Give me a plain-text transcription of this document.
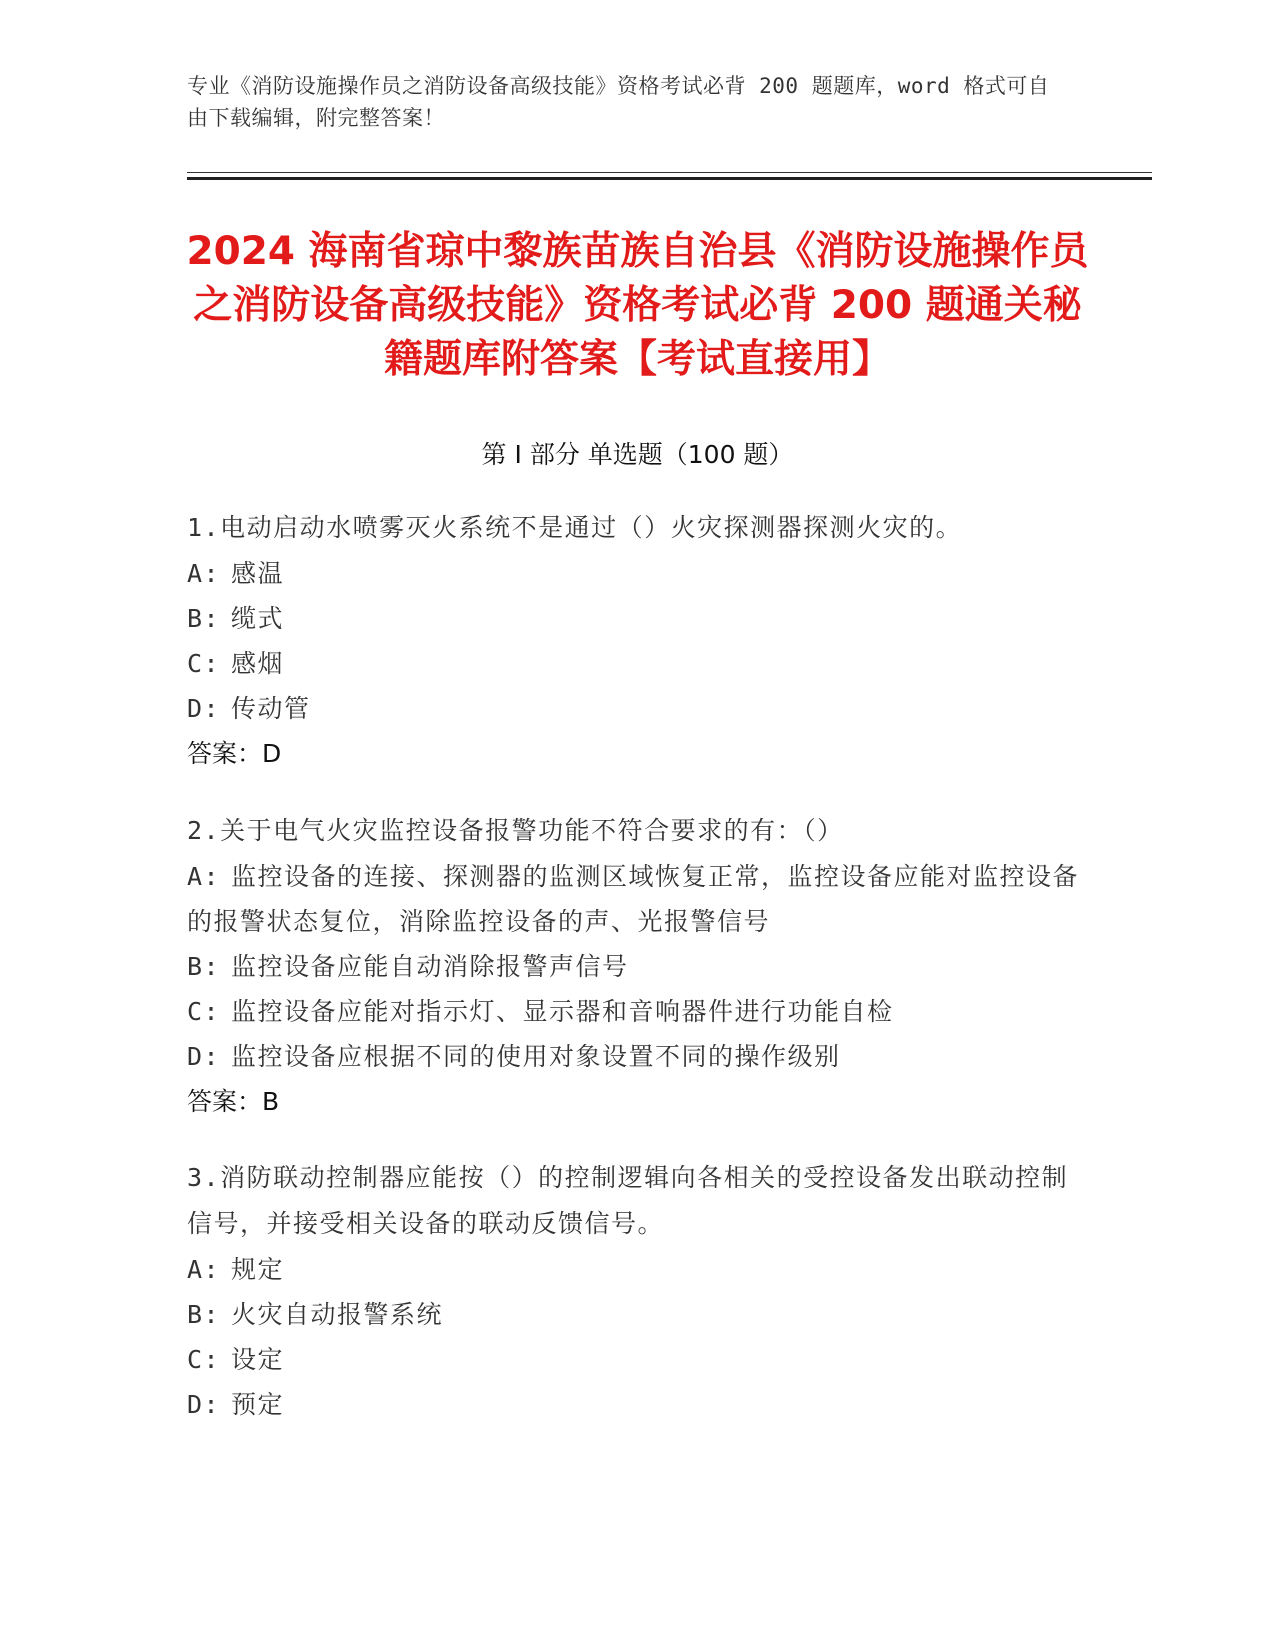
专业《消防设施操作员之消防设备高级技能》资格考试必背 200 题题库，word 格式可自由下载编辑，附完整答案！
2024 海南省琼中黎族苗族自治县《消防设施操作员之消防设备高级技能》资格考试必背 200 题通关秘籍题库附答案【考试直接用】
第 I 部分 单选题（100 题）
1.电动启动水喷雾灭火系统不是通过（）火灾探测器探测火灾的。
A: 感温
B: 缆式
C: 感烟
D: 传动管
答案：D
2.关于电气火灾监控设备报警功能不符合要求的有：（）
A: 监控设备的连接、探测器的监测区域恢复正常，监控设备应能对监控设备的报警状态复位，消除监控设备的声、光报警信号
B: 监控设备应能自动消除报警声信号
C: 监控设备应能对指示灯、显示器和音响器件进行功能自检
D: 监控设备应根据不同的使用对象设置不同的操作级别
答案：B
3.消防联动控制器应能按（）的控制逻辑向各相关的受控设备发出联动控制信号，并接受相关设备的联动反馈信号。
A: 规定
B: 火灾自动报警系统
C: 设定
D: 预定
